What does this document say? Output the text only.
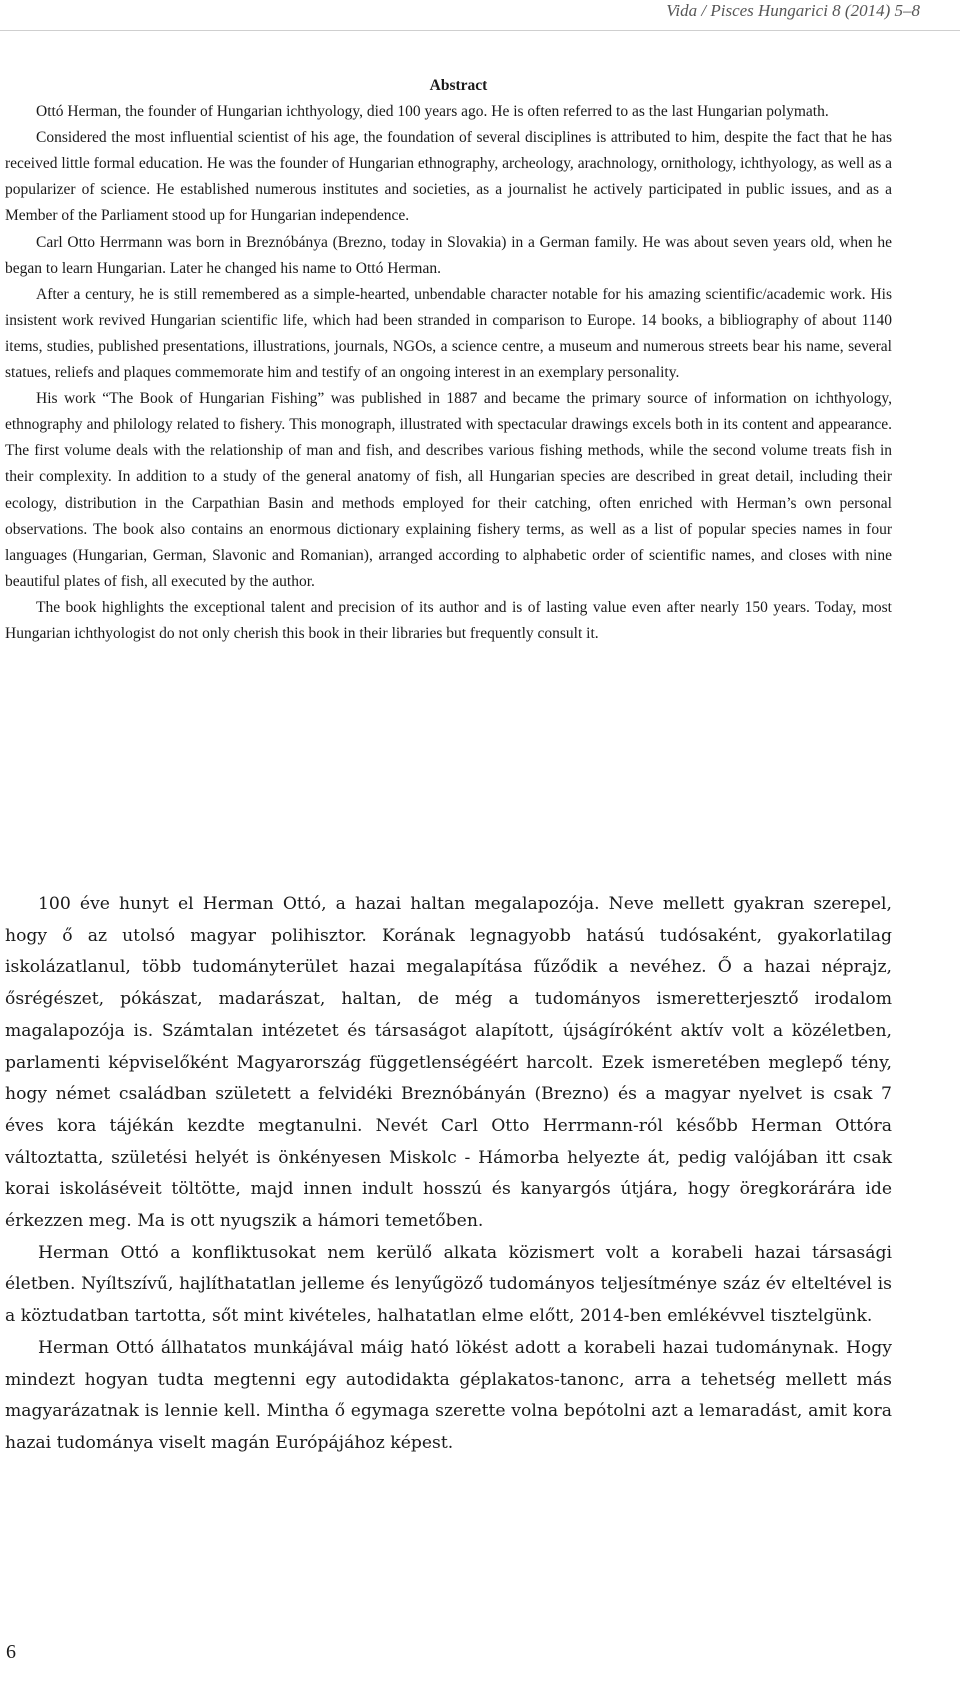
Vida / Pisces Hungarici 8 (2014) 5–8
Abstract

Ottó Herman, the founder of Hungarian ichthyology, died 100 years ago. He is often referred to as the last Hungarian polymath.

Considered the most influential scientist of his age, the foundation of several disciplines is attributed to him, despite the fact that he has received little formal education. He was the founder of Hungarian ethnography, archeology, arachnology, ornithology, ichthyology, as well as a popularizer of science. He established numerous institutes and societies, as a journalist he actively participated in public issues, and as a Member of the Parliament stood up for Hungarian independence.

Carl Otto Herrmann was born in Breznóbánya (Brezno, today in Slovakia) in a German family. He was about seven years old, when he began to learn Hungarian. Later he changed his name to Ottó Herman.

After a century, he is still remembered as a simple-hearted, unbendable character notable for his amazing scientific/academic work. His insistent work revived Hungarian scientific life, which had been stranded in comparison to Europe. 14 books, a bibliography of about 1140 items, studies, published presentations, illustrations, journals, NGOs, a science centre, a museum and numerous streets bear his name, several statues, reliefs and plaques commemorate him and testify of an ongoing interest in an exemplary personality.

His work “The Book of Hungarian Fishing” was published in 1887 and became the primary source of information on ichthyology, ethnography and philology related to fishery. This monograph, illustrated with spectacular drawings excels both in its content and appearance. The first volume deals with the relationship of man and fish, and describes various fishing methods, while the second volume treats fish in their complexity. In addition to a study of the general anatomy of fish, all Hungarian species are described in great detail, including their ecology, distribution in the Carpathian Basin and methods employed for their catching, often enriched with Herman’s own personal observations. The book also contains an enormous dictionary explaining fishery terms, as well as a list of popular species names in four languages (Hungarian, German, Slavonic and Romanian), arranged according to alphabetic order of scientific names, and closes with nine beautiful plates of fish, all executed by the author.

The book highlights the exceptional talent and precision of its author and is of lasting value even after nearly 150 years. Today, most Hungarian ichthyologist do not only cherish this book in their libraries but frequently consult it.

100 éve hunyt el Herman Ottó, a hazai haltan megalapozója. Neve mellett gyakran szerepel, hogy ő az utolsó magyar polihisztor. Korának legnagyobb hatású tudósaként, gyakorlatilag iskolázatlanul, több tudományterület hazai megalapítása fűződik a nevéhez. Ő a hazai néprajz, ősrégészet, pókászat, madarászat, haltan, de még a tudományos ismeretterjesztő irodalom magalapozója is. Számtalan intézetet és társaságot alapított, újságíróként aktív volt a közéletben, parlamenti képviselőként Magyarország függetlenségéért harcolt. Ezek ismeretében meglepő tény, hogy német családban született a felvidéki Breznóbányán (Brezno) és a magyar nyelvet is csak 7 éves kora tájékán kezdte megtanulni. Nevét Carl Otto Herrmann-ról később Herman Ottóra változtatta, születési helyét is önkényesen Miskolc - Hámorba helyezte át, pedig valójában itt csak korai iskoláséveit töltötte, majd innen indult hosszú és kanyargós útjára, hogy öregkorárára ide érkezzen meg. Ma is ott nyugszik a hámori temetőben.

Herman Ottó a konfliktusokat nem kerülő alkata közismert volt a korabeli hazai társasági életben. Nyíltszívű, hajlíthatatlan jelleme és lenyűgöző tudományos teljesítménye száz év elteltével is a köztudatban tartotta, sőt mint kivételes, halhatatlan elme előtt, 2014-ben emlékévvel tisztelgünk.

Herman Ottó állhatatos munkájával máig ható lökést adott a korabeli hazai tudománynak. Hogy mindezt hogyan tudta megtenni egy autodidakta géplakatos-tanonc, arra a tehetség mellett más magyarázatnak is lennie kell. Mintha ő egymaga szerette volna bepótolni azt a lemaradást, amit kora hazai tudománya viselt magán Európájához képest.

6
